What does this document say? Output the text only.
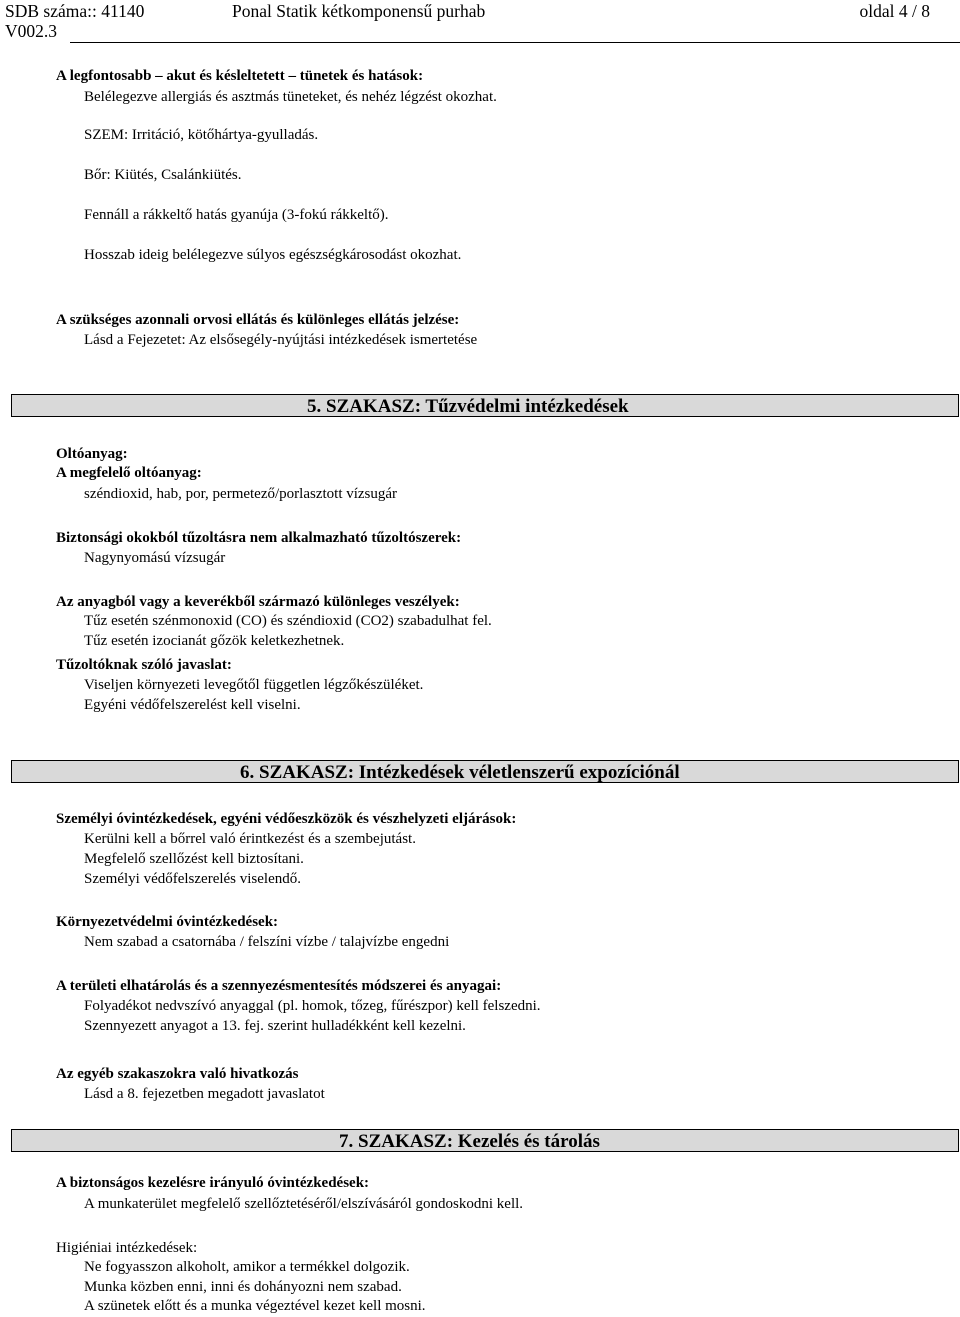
SDB száma:: 41140
V002.3
Ponal Statik kétkomponensű purhab	oldal 4 / 8
A legfontosabb – akut és késleltetett – tünetek és hatások:
Belélegezve allergiás és asztmás tüneteket, és nehéz légzést okozhat.
SZEM: Irritáció, kötőhártya-gyulladás.
Bőr: Kiütés, Csalánkiütés.
Fennáll a rákkeltő hatás gyanúja (3-fokú rákkeltő).
Hosszab ideig belélegezve súlyos egészségkárosodást okozhat.
A szükséges azonnali orvosi ellátás és különleges ellátás jelzése:
Lásd a Fejezetet: Az elsősegély-nyújtási intézkedések ismertetése
5. SZAKASZ: Tűzvédelmi intézkedések
Oltóanyag:
A megfelelő oltóanyag:
széndioxid, hab, por, permetező/porlasztott vízsugár
Biztonsági okokból tűzoltásra nem alkalmazható tűzoltószerek:
Nagynyomású vízsugár
Az anyagból vagy a keverékből származó különleges veszélyek:
Tűz esetén szénmonoxid (CO) és széndioxid (CO2) szabadulhat fel.
Tűz esetén izocianát gőzök keletkezhetnek.
Tűzoltóknak szóló javaslat:
Viseljen környezeti levegőtől független légzőkészüléket.
Egyéni védőfelszerelést kell viselni.
6. SZAKASZ: Intézkedések véletlenszerű expozíciónál
Személyi óvintézkedések, egyéni védőeszközök és vészhelyzeti eljárások:
Kerülni kell a bőrrel való érintkezést és a szembejutást.
Megfelelő szellőzést kell biztosítani.
Személyi védőfelszerelés viselendő.
Környezetvédelmi óvintézkedések:
Nem szabad a csatornába / felszíni vízbe / talajvízbe engedni
A területi elhatárolás és a szennyezésmentesítés módszerei és anyagai:
Folyadékot nedvszívó anyaggal (pl. homok, tőzeg, fűrészpor) kell felszedni.
Szennyezett anyagot a 13. fej. szerint hulladékként kell kezelni.
Az egyéb szakaszokra való hivatkozás
Lásd a 8. fejezetben megadott javaslatot
7. SZAKASZ: Kezelés és tárolás
A biztonságos kezelésre irányuló óvintézkedések:
A munkaterület megfelelő szellőztetéséről/elszívásáról gondoskodni kell.
Higiéniai intézkedések:
Ne fogyasszon alkoholt, amikor a termékkel dolgozik.
Munka közben enni, inni és dohányozni nem szabad.
A szünetek előtt és a munka végeztével kezet kell mosni.
